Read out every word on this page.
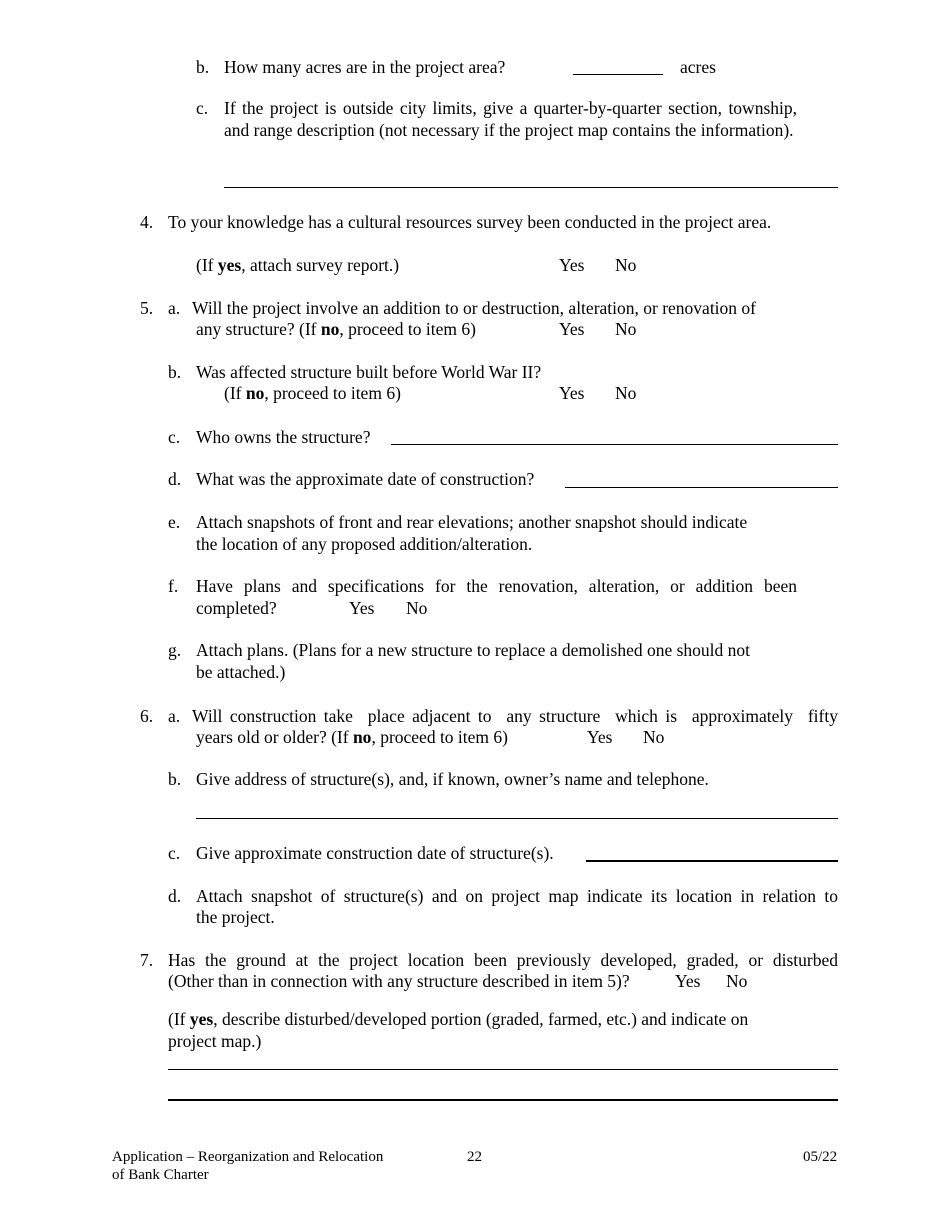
b. How many acres are in the project area?	acres
c. If the project is outside city limits, give a quarter-by-quarter section, township, and range description (not necessary if the project map contains the information).
4. To your knowledge has a cultural resources survey been conducted in the project area.
(If yes, attach survey report.)	Yes No
5. a. Will the project involve an addition to or destruction, alteration, or renovation of
any structure? (If no, proceed to item 6)	Yes No
b. Was affected structure built before World War II?
(If no, proceed to item 6)	Yes No
c. Who owns the structure?
d. What was the approximate date of construction?
e. Attach snapshots of front and rear elevations; another snapshot should indicate
the location of any proposed addition/alteration.
f. Have plans and specifications for the renovation, alteration, or addition been
completed?	Yes No
g. Attach plans. (Plans for a new structure to replace a demolished one should not
be attached.)
6. a. Will construction take  place adjacent to  any structure  which is  approximately  fifty
years old or older? (If no, proceed to item 6)	Yes No
b. Give address of structure(s), and, if known, owner’s name and telephone.
c. Give approximate construction date of structure(s).
d. Attach snapshot of structure(s) and on project map indicate its location in relation to
the project.
7. Has the ground at the project location been previously developed, graded, or disturbed
(Other than in connection with any structure described in item 5)?	Yes No
(If yes, describe disturbed/developed portion (graded, farmed, etc.) and indicate on
project map.)
Application – Reorganization and Relocation
of Bank Charter
22	05/22
